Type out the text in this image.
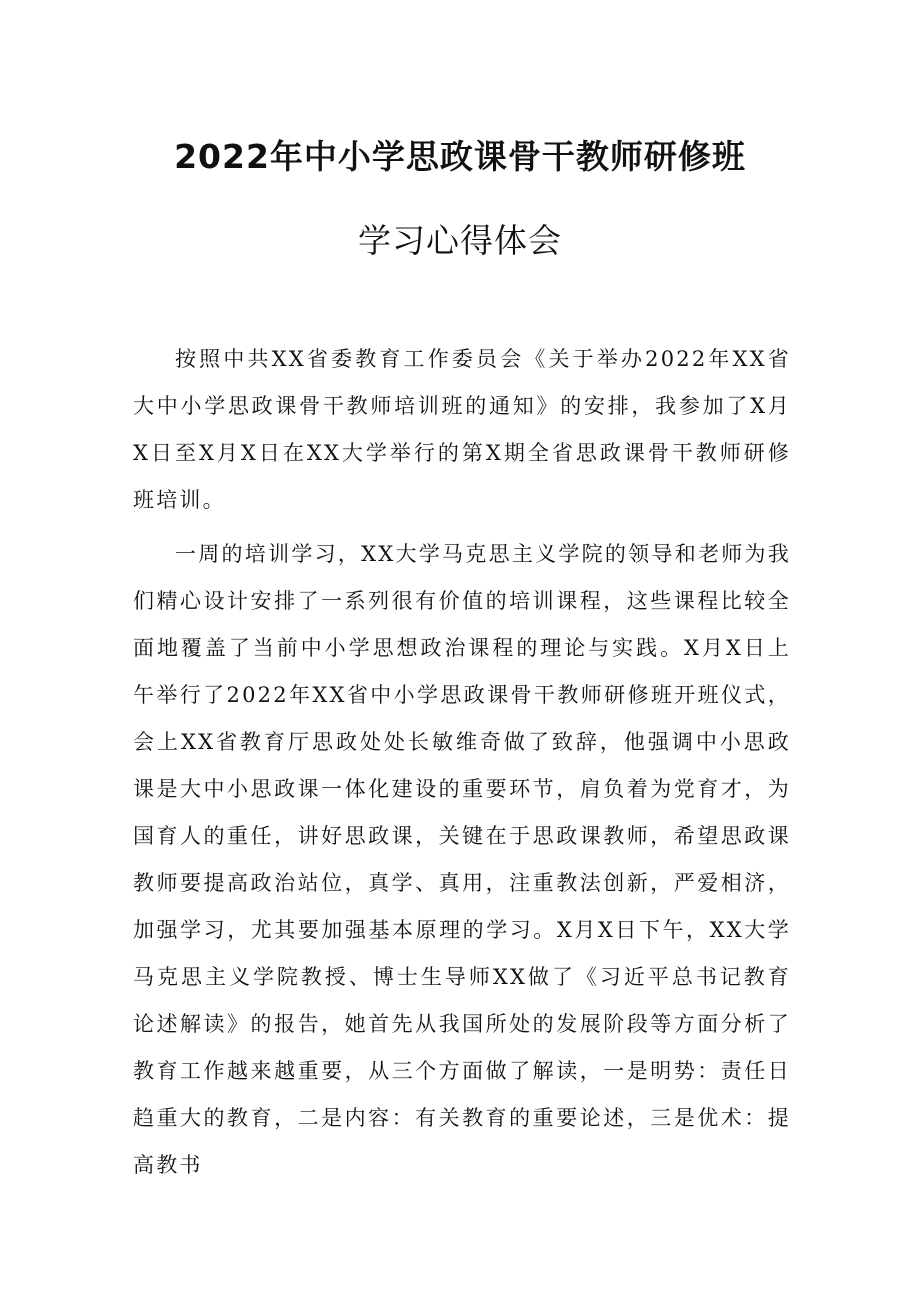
2022年中小学思政课骨干教师研修班
学习心得体会

按照中共XX省委教育工作委员会《关于举办2022年XX省大中小学思政课骨干教师培训班的通知》的安排，我参加了X月X日至X月X日在XX大学举行的第X期全省思政课骨干教师研修班培训。

一周的培训学习，XX大学马克思主义学院的领导和老师为我们精心设计安排了一系列很有价值的培训课程，这些课程比较全面地覆盖了当前中小学思想政治课程的理论与实践。X月X日上午举行了2022年XX省中小学思政课骨干教师研修班开班仪式，会上XX省教育厅思政处处长敏维奇做了致辞，他强调中小思政课是大中小思政课一体化建设的重要环节，肩负着为党育才，为国育人的重任，讲好思政课，关键在于思政课教师，希望思政课教师要提高政治站位，真学、真用，注重教法创新，严爱相济，加强学习，尤其要加强基本原理的学习。X月X日下午，XX大学马克思主义学院教授、博士生导师XX做了《习近平总书记教育论述解读》的报告，她首先从我国所处的发展阶段等方面分析了教育工作越来越重要，从三个方面做了解读，一是明势：责任日趋重大的教育，二是内容：有关教育的重要论述，三是优术：提高教书
